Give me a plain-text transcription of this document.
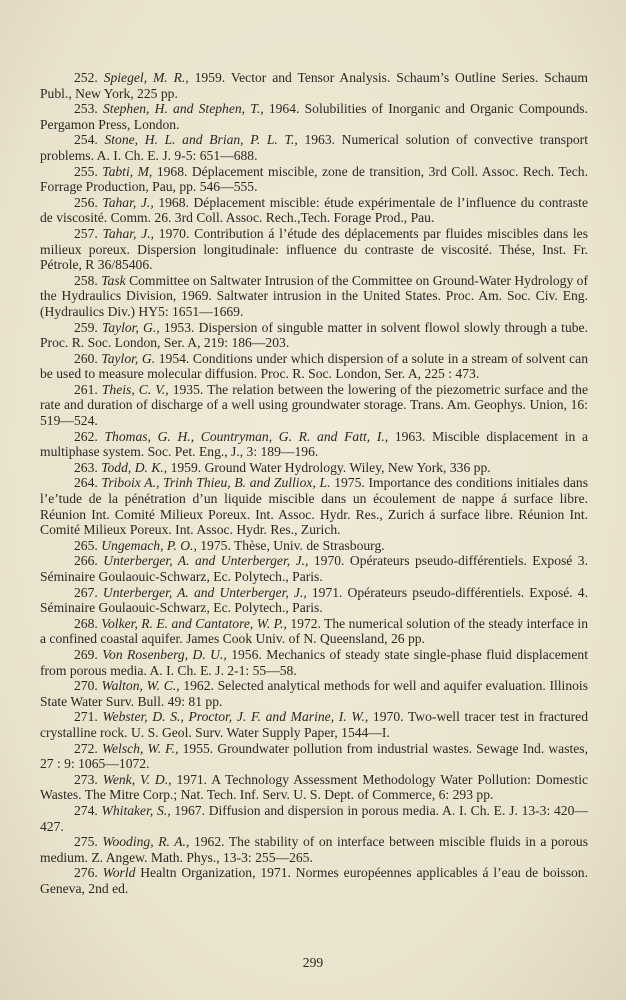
252. Spiegel, M. R., 1959. Vector and Tensor Analysis. Schaum’s Outline Series. Schaum Publ., New York, 225 pp.

253. Stephen, H. and Stephen, T., 1964. Solubilities of Inorganic and Organic Compounds. Pergamon Press, London.

254. Stone, H. L. and Brian, P. L. T., 1963. Numerical solution of convective transport problems. A. I. Ch. E. J. 9-5: 651—688.

255. Tabti, M, 1968. Déplacement miscible, zone de transition, 3rd Coll. Assoc. Rech. Tech. Forrage Production, Pau, pp. 546—555.

256. Tahar, J., 1968. Déplacement miscible: étude expérimentale de l’influence du contraste de viscosité. Comm. 26. 3rd Coll. Assoc. Rech.,Tech. Forage Prod., Pau.

257. Tahar, J., 1970. Contribution á l’étude des déplacements par fluides miscibles dans les milieux poreux. Dispersion longitudinale: influence du contraste de viscosité. Thése, Inst. Fr. Pétrole, R 36/85406.

258. Task Committee on Saltwater Intrusion of the Committee on Ground-Water Hydrology of the Hydraulics Division, 1969. Saltwater intrusion in the United States. Proc. Am. Soc. Civ. Eng. (Hydraulics Div.) HY5: 1651—1669.

259. Taylor, G., 1953. Dispersion of singuble matter in solvent flowol slowly through a tube. Proc. R. Soc. London, Ser. A, 219: 186—203.

260. Taylor, G. 1954. Conditions under which dispersion of a solute in a stream of solvent can be used to measure molecular diffusion. Proc. R. Soc. London, Ser. A, 225 : 473.

261. Theis, C. V., 1935. The relation between the lowering of the piezometric surface and the rate and duration of discharge of a well using groundwater storage. Trans. Am. Geophys. Union, 16: 519—524.

262. Thomas, G. H., Countryman, G. R. and Fatt, I., 1963. Miscible displacement in a multiphase system. Soc. Pet. Eng., J., 3: 189—196.

263. Todd, D. K., 1959. Ground Water Hydrology. Wiley, New York, 336 pp.

264. Triboix A., Trinh Thieu, B. and Zulliox, L. 1975. Importance des conditions initiales dans l’e’tude de la pénétration d’un liquide miscible dans un écoulement de nappe á surface libre. Réunion Int. Comité Milieux Poreux. Int. Assoc. Hydr. Res., Zurich á surface libre. Réunion Int. Comité Milieux Poreux. Int. Assoc. Hydr. Res., Zurich.

265. Ungemach, P. O., 1975. Thèse, Univ. de Strasbourg.

266. Unterberger, A. and Unterberger, J., 1970. Opérateurs pseudo-différentiels. Exposé 3. Séminaire Goulaouic-Schwarz, Ec. Polytech., Paris.

267. Unterberger, A. and Unterberger, J., 1971. Opérateurs pseudo-différentiels. Exposé. 4. Séminaire Goulaouic-Schwarz, Ec. Polytech., Paris.

268. Volker, R. E. and Cantatore, W. P., 1972. The numerical solution of the steady interface in a confined coastal aquifer. James Cook Univ. of N. Queensland, 26 pp.

269. Von Rosenberg, D. U., 1956. Mechanics of steady state single-phase fluid displacement from porous media. A. I. Ch. E. J. 2-1: 55—58.

270. Walton, W. C., 1962. Selected analytical methods for well and aquifer evaluation. Illinois State Water Surv. Bull. 49: 81 pp.

271. Webster, D. S., Proctor, J. F. and Marine, I. W., 1970. Two-well tracer test in fractured crystalline rock. U. S. Geol. Surv. Water Supply Paper, 1544—I.

272. Welsch, W. F., 1955. Groundwater pollution from industrial wastes. Sewage Ind. wastes, 27 : 9: 1065—1072.

273. Wenk, V. D., 1971. A Technology Assessment Methodology Water Pollution: Domestic Wastes. The Mitre Corp.; Nat. Tech. Inf. Serv. U. S. Dept. of Commerce, 6: 293 pp.

274. Whitaker, S., 1967. Diffusion and dispersion in porous media. A. I. Ch. E. J. 13-3: 420—427.

275. Wooding, R. A., 1962. The stability of on interface between miscible fluids in a porous medium. Z. Angew. Math. Phys., 13-3: 255—265.

276. World Healtn Organization, 1971. Normes européennes applicables á l’eau de boisson. Geneva, 2nd ed.

299
